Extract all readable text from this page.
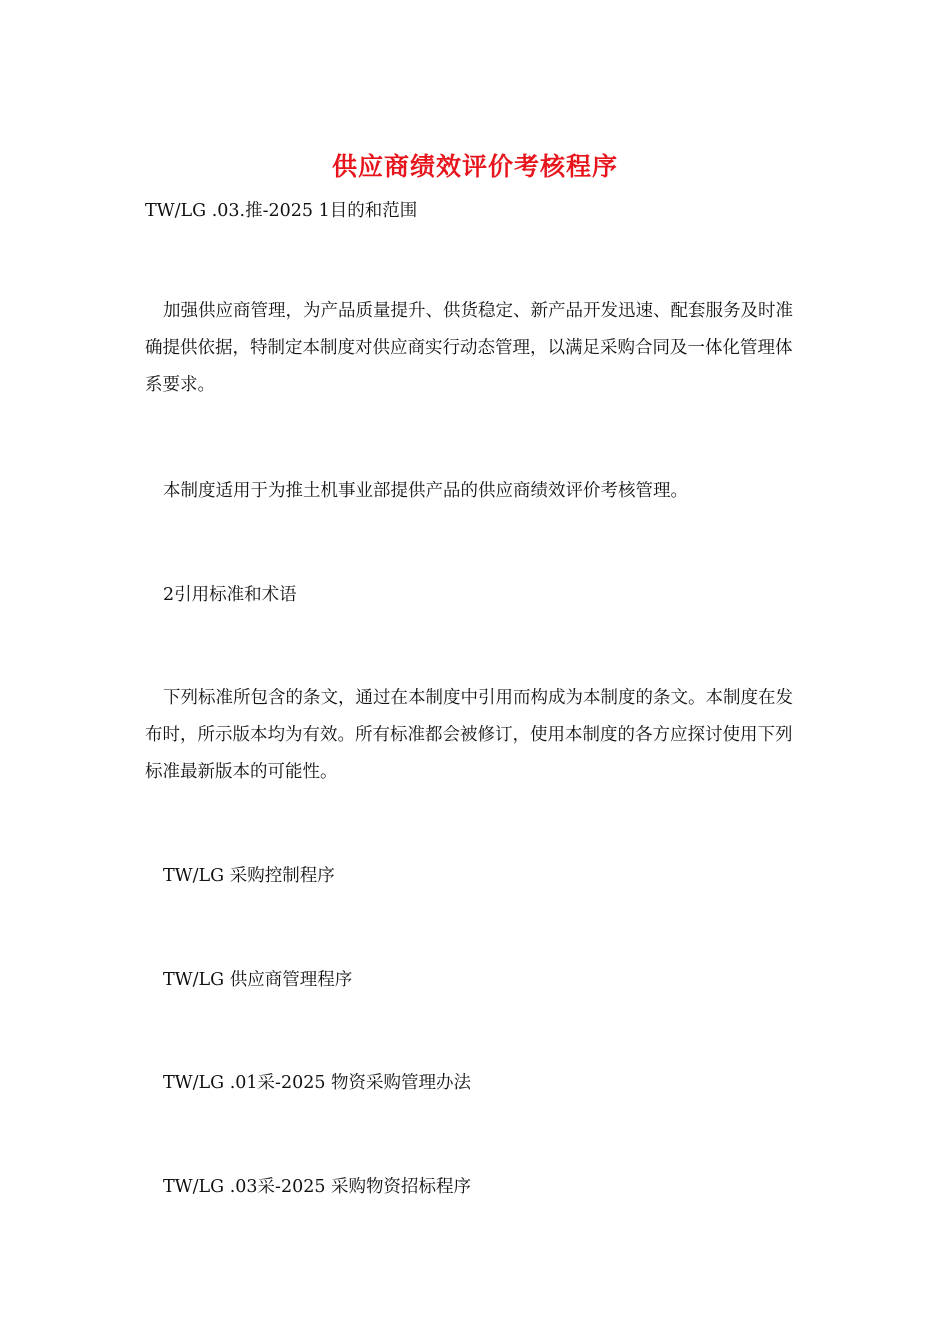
供应商绩效评价考核程序
TW/LG .03.推-2025 1目的和范围
加强供应商管理，为产品质量提升、供货稳定、新产品开发迅速、配套服务及时准确提供依据，特制定本制度对供应商实行动态管理，以满足采购合同及一体化管理体系要求。
本制度适用于为推土机事业部提供产品的供应商绩效评价考核管理。
2引用标准和术语
下列标准所包含的条文，通过在本制度中引用而构成为本制度的条文。本制度在发布时，所示版本均为有效。所有标准都会被修订，使用本制度的各方应探讨使用下列标准最新版本的可能性。
TW/LG 采购控制程序
TW/LG 供应商管理程序
TW/LG .01采-2025 物资采购管理办法
TW/LG .03采-2025 采购物资招标程序
